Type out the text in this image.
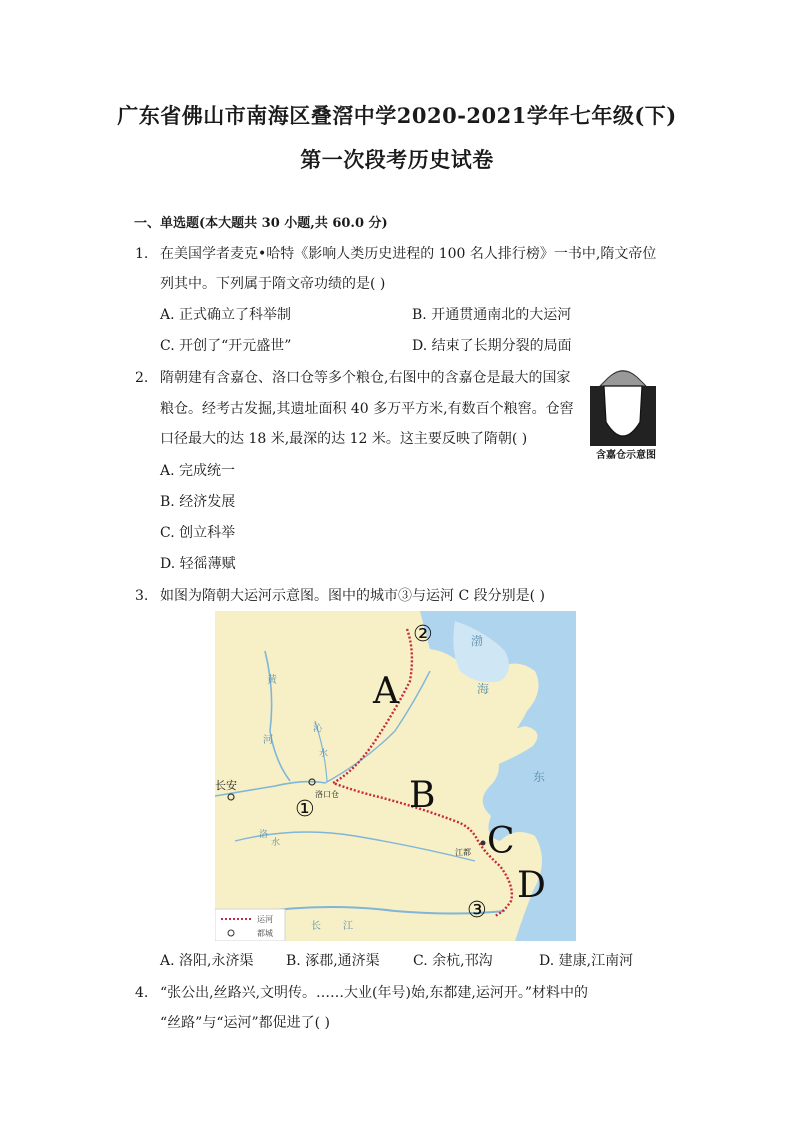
广东省佛山市南海区叠滘中学2020-2021学年七年级(下)
第一次段考历史试卷
一、单选题(本大题共 30 小题,共 60.0 分)
1. 在美国学者麦克•哈特《影响人类历史进程的 100 名人排行榜》一书中,隋文帝位
列其中。下列属于隋文帝功绩的是( )
A. 正式确立了科举制	B. 开通贯通南北的大运河
C. 开创了“开元盛世”	D. 结束了长期分裂的局面
2. 隋朝建有含嘉仓、洛口仓等多个粮仓,右图中的含嘉仓是最大的国家
粮仓。经考古发掘,其遗址面积 40 多万平方米,有数百个粮窖。仓窖
口径最大的达 18 米,最深的达 12 米。这主要反映了隋朝( )
A. 完成统一
B. 经济发展
C. 创立科举
D. 轻徭薄赋
含嘉仓示意图
3. 如图为隋朝大运河示意图。图中的城市③与运河 C 段分别是( )
A
B
C
D
①
②
③
长安
洛口仓
江都
黄
河
沁
水
洛
水
渤
海
东
长 江
运河
都城
A. 洛阳,永济渠 B. 涿郡,通济渠 C. 余杭,邗沟	D. 建康,江南河
4. “张公出,丝路兴,文明传。……大业(年号)始,东都建,运河开。”材料中的
“丝路”与“运河”都促进了( )
